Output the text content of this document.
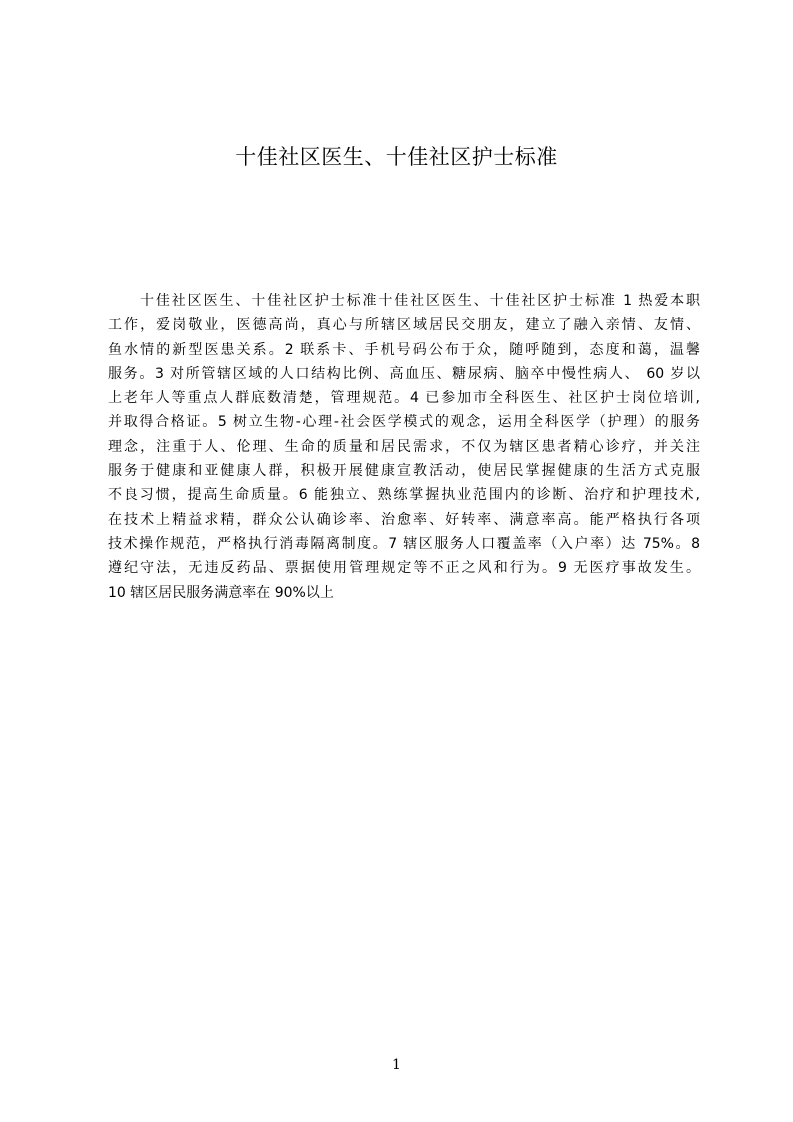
十佳社区医生、十佳社区护士标准
十佳社区医生、十佳社区护士标准十佳社区医生、十佳社区护士标准 1 热爱本职
工作，爱岗敬业，医德高尚，真心与所辖区域居民交朋友，建立了融入亲情、友情、
鱼水情的新型医患关系。2 联系卡、手机号码公布于众，随呼随到，态度和蔼，温馨
服务。3 对所管辖区域的人口结构比例、高血压、糖尿病、脑卒中慢性病人、 60 岁以
上老年人等重点人群底数清楚，管理规范。4 已参加市全科医生、社区护士岗位培训,
并取得合格证。5 树立生物-心理-社会医学模式的观念，运用全科医学（护理）的服务
理念，注重于人、伦理、生命的质量和居民需求，不仅为辖区患者精心诊疗，并关注
服务于健康和亚健康人群，积极开展健康宣教活动，使居民掌握健康的生活方式克服
不良习惯，提高生命质量。6 能独立、熟练掌握执业范围内的诊断、治疗和护理技术,
在技术上精益求精，群众公认确诊率、治愈率、好转率、满意率高。能严格执行各项
技术操作规范，严格执行消毒隔离制度。7 辖区服务人口覆盖率（入户率）达 75%。8
遵纪守法，无违反药品、票据使用管理规定等不正之风和行为。9 无医疗事故发生。
10 辖区居民服务满意率在 90%以上
1
